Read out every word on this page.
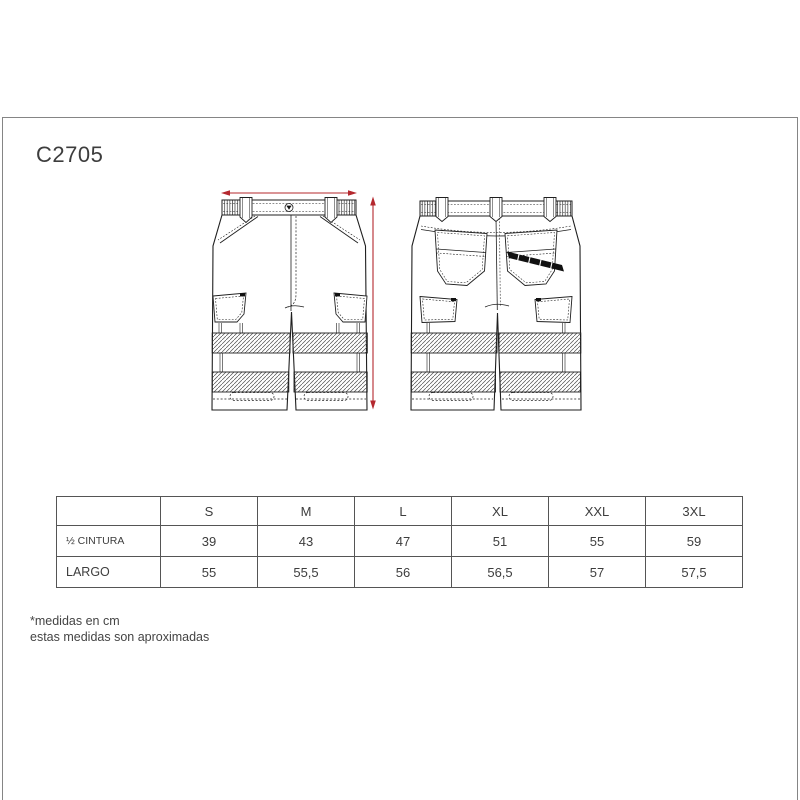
C2705
	S	M	L	XL	XXL	3XL
½ CINTURA	39	43	47	51	55	59
LARGO	55	55,5	56	56,5	57	57,5
*medidas en cm
estas medidas son aproximadas
